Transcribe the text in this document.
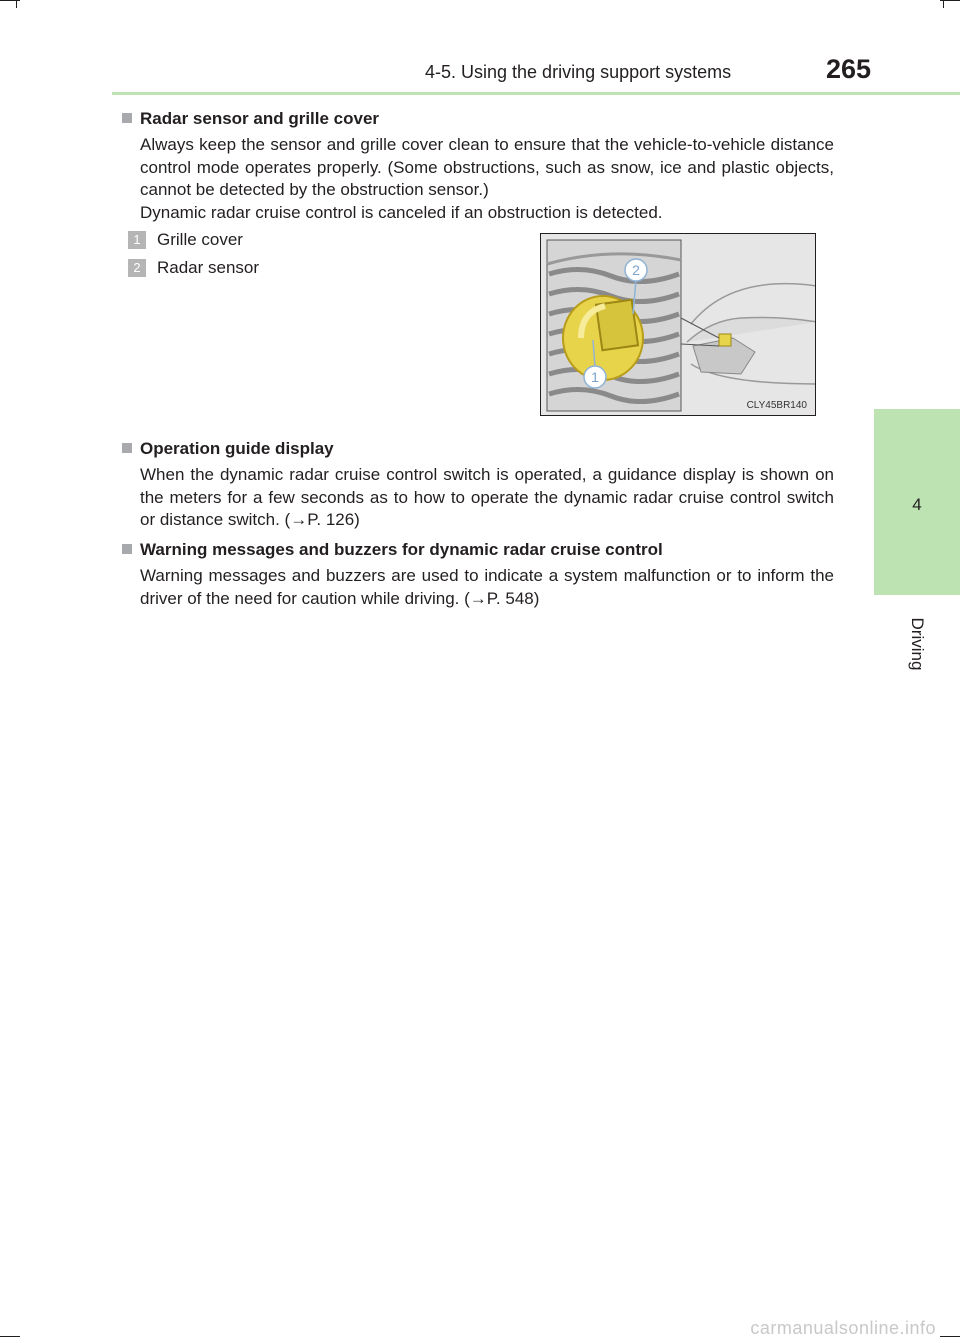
4-5. Using the driving support systems	265
4
Driving

Radar sensor and grille cover

Always keep the sensor and grille cover clean to ensure that the vehicle-to-vehicle distance control mode operates properly. (Some obstructions, such as snow, ice and plastic objects, cannot be detected by the obstruction sensor.)
Dynamic radar cruise control is canceled if an obstruction is detected.
1 Grille cover
2 Radar sensor	2
1
CLY45BR140

Operation guide display

When the dynamic radar cruise control switch is operated, a guidance display is shown on the meters for a few seconds as to how to operate the dynamic radar cruise control switch or distance switch. (→P. 126)

Warning messages and buzzers for dynamic radar cruise control

Warning messages and buzzers are used to indicate a system malfunction or to inform the driver of the need for caution while driving. (→P. 548)
carmanualsonline.info
